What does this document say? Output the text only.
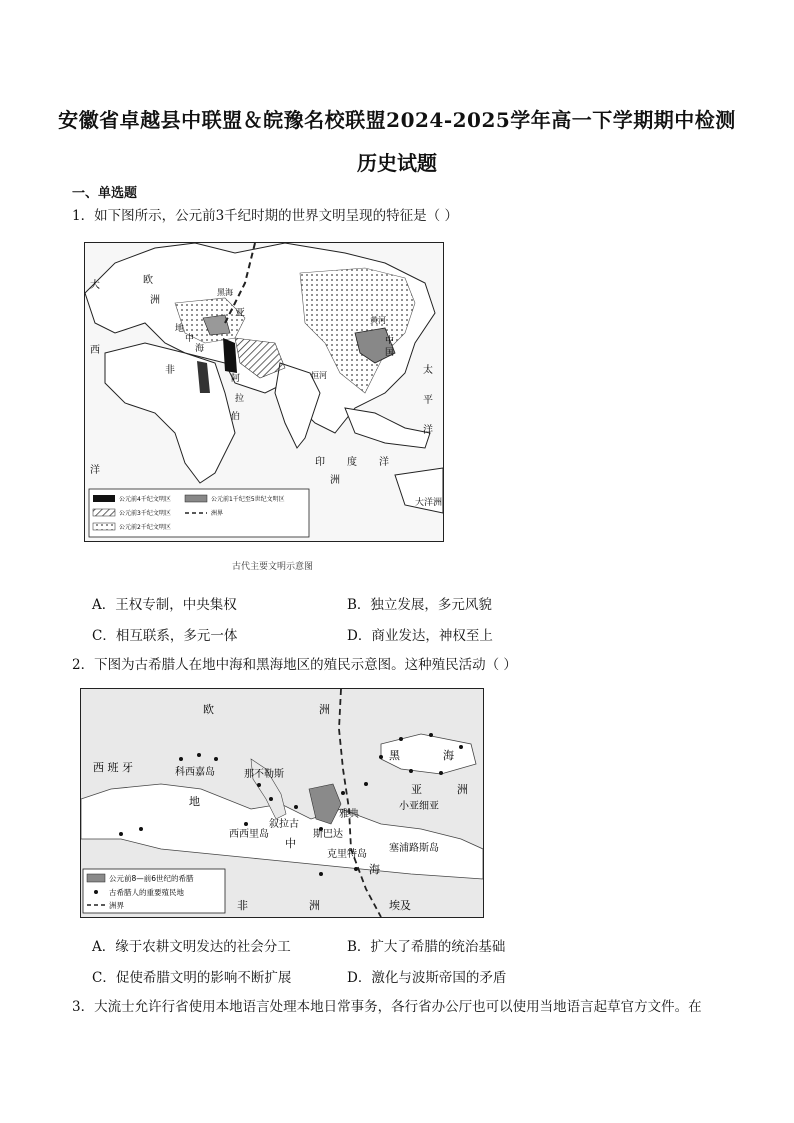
安徽省卓越县中联盟＆皖豫名校联盟2024-2025学年高一下学期期中检测
历史试题
一、单选题
1．如下图所示，公元前3千纪时期的世界文明呈现的特征是（ ）
欧
洲
亚
大
西
洋
非
地
中
海
阿
拉
伯
恒河
印 度 洋
太
平
洋
大洋洲
黑海
黄河
中
国
洲
公元前4千纪文明区	公元前1千纪至5世纪文明区
公元前3千纪文明区	洲界
公元前2千纪文明区
古代主要文明示意图
A．王权专制，中央集权	B．独立发展，多元风貌
C．相互联系，多元一体	D．商业发达，神权至上
2．下图为古希腊人在地中海和黑海地区的殖民示意图。这种殖民活动（ ）
欧	洲
西 班 牙	科西嘉岛	那不勒斯
地
西西里岛
叙拉古
中
斯巴达
雅典
克里特岛
海
塞浦路斯岛
黑	海
小亚细亚
亚	洲
非	洲	埃及
公元前8—前6世纪的希腊
古希腊人的重要殖民地
洲界
A．缘于农耕文明发达的社会分工	B．扩大了希腊的统治基础
C．促使希腊文明的影响不断扩展	D．激化与波斯帝国的矛盾
3．大流士允许行省使用本地语言处理本地日常事务，各行省办公厅也可以使用当地语言起草官方文件。在
